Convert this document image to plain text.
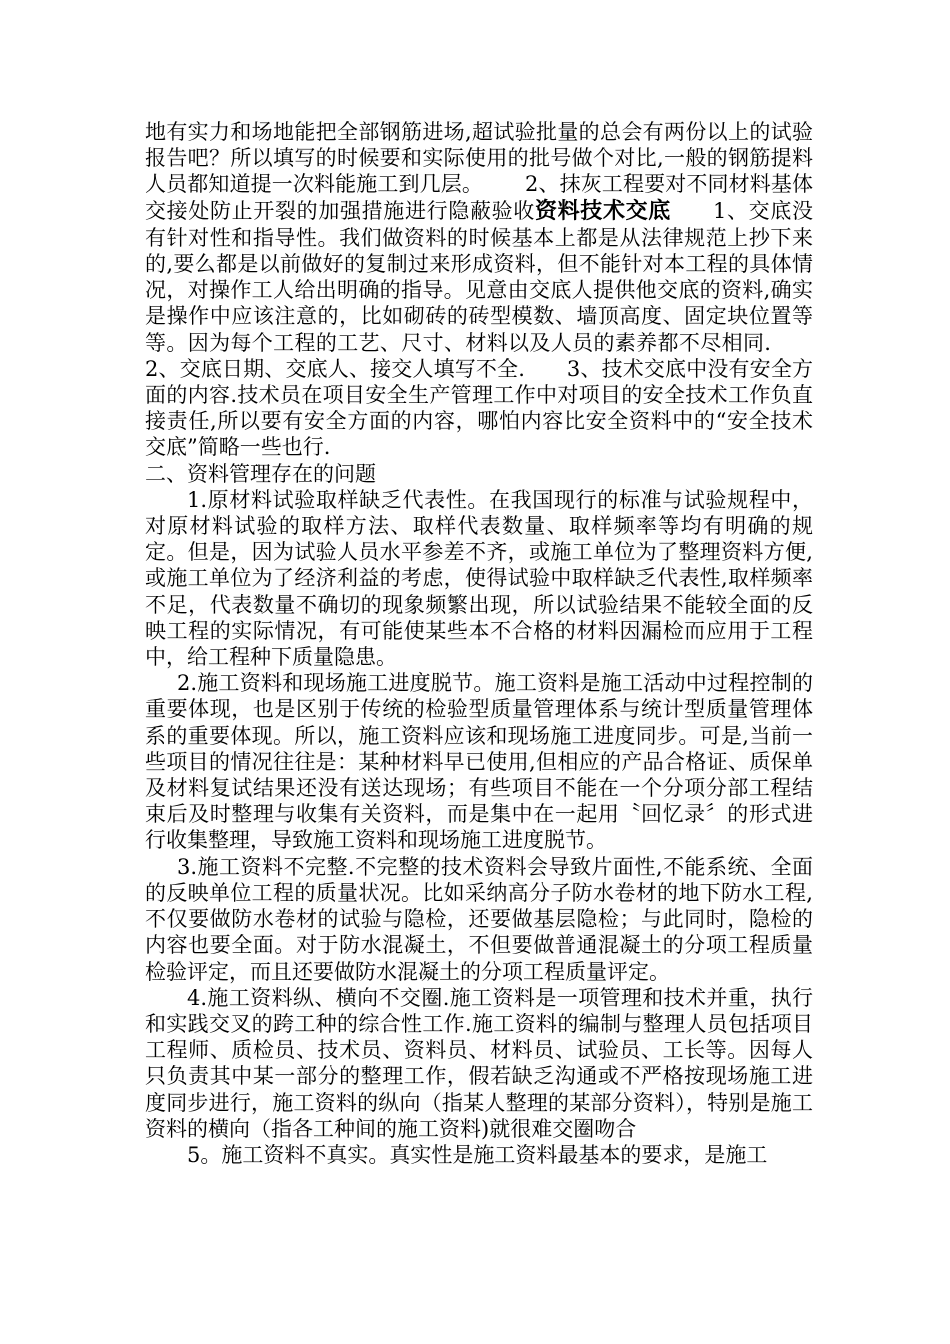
地有实力和场地能把全部钢筋进场,超试验批量的总会有两份以上的试验报告吧？所以填写的时候要和实际使用的批号做个对比,一般的钢筋提料人员都知道提一次料能施工到几层。 2、抹灰工程要对不同材料基体交接处防止开裂的加强措施进行隐蔽验收资料技术交底 1、交底没有针对性和指导性。我们做资料的时候基本上都是从法律规范上抄下来的,要么都是以前做好的复制过来形成资料，但不能针对本工程的具体情况，对操作工人给出明确的指导。见意由交底人提供他交底的资料,确实是操作中应该注意的，比如砌砖的砖型模数、墙顶高度、固定块位置等等。因为每个工程的工艺、尺寸、材料以及人员的素养都不尽相同.2、交底日期、交底人、接交人填写不全. 3、技术交底中没有安全方面的内容.技术员在项目安全生产管理工作中对项目的安全技术工作负直接责任,所以要有安全方面的内容，哪怕内容比安全资料中的“安全技术交底”简略一些也行.

二、资料管理存在的问题

1.原材料试验取样缺乏代表性。在我国现行的标准与试验规程中，对原材料试验的取样方法、取样代表数量、取样频率等均有明确的规定。但是，因为试验人员水平参差不齐，或施工单位为了整理资料方便,或施工单位为了经济利益的考虑，使得试验中取样缺乏代表性,取样频率不足，代表数量不确切的现象频繁出现，所以试验结果不能较全面的反映工程的实际情况，有可能使某些本不合格的材料因漏检而应用于工程中，给工程种下质量隐患。

2.施工资料和现场施工进度脱节。施工资料是施工活动中过程控制的重要体现，也是区别于传统的检验型质量管理体系与统计型质量管理体系的重要体现。所以，施工资料应该和现场施工进度同步。可是,当前一些项目的情况往往是：某种材料早已使用,但相应的产品合格证、质保单及材料复试结果还没有送达现场；有些项目不能在一个分项分部工程结束后及时整理与收集有关资料，而是集中在一起用〝回忆录〞的形式进行收集整理，导致施工资料和现场施工进度脱节。

3.施工资料不完整.不完整的技术资料会导致片面性,不能系统、全面的反映单位工程的质量状况。比如采纳高分子防水卷材的地下防水工程,不仅要做防水卷材的试验与隐检，还要做基层隐检；与此同时，隐检的内容也要全面。对于防水混凝土，不但要做普通混凝土的分项工程质量检验评定，而且还要做防水混凝土的分项工程质量评定。

4.施工资料纵、横向不交圈.施工资料是一项管理和技术并重，执行和实践交叉的跨工种的综合性工作.施工资料的编制与整理人员包括项目工程师、质检员、技术员、资料员、材料员、试验员、工长等。因每人只负责其中某一部分的整理工作，假若缺乏沟通或不严格按现场施工进度同步进行，施工资料的纵向（指某人整理的某部分资料），特别是施工资料的横向（指各工种间的施工资料)就很难交圈吻合

5。施工资料不真实。真实性是施工资料最基本的要求，是施工
